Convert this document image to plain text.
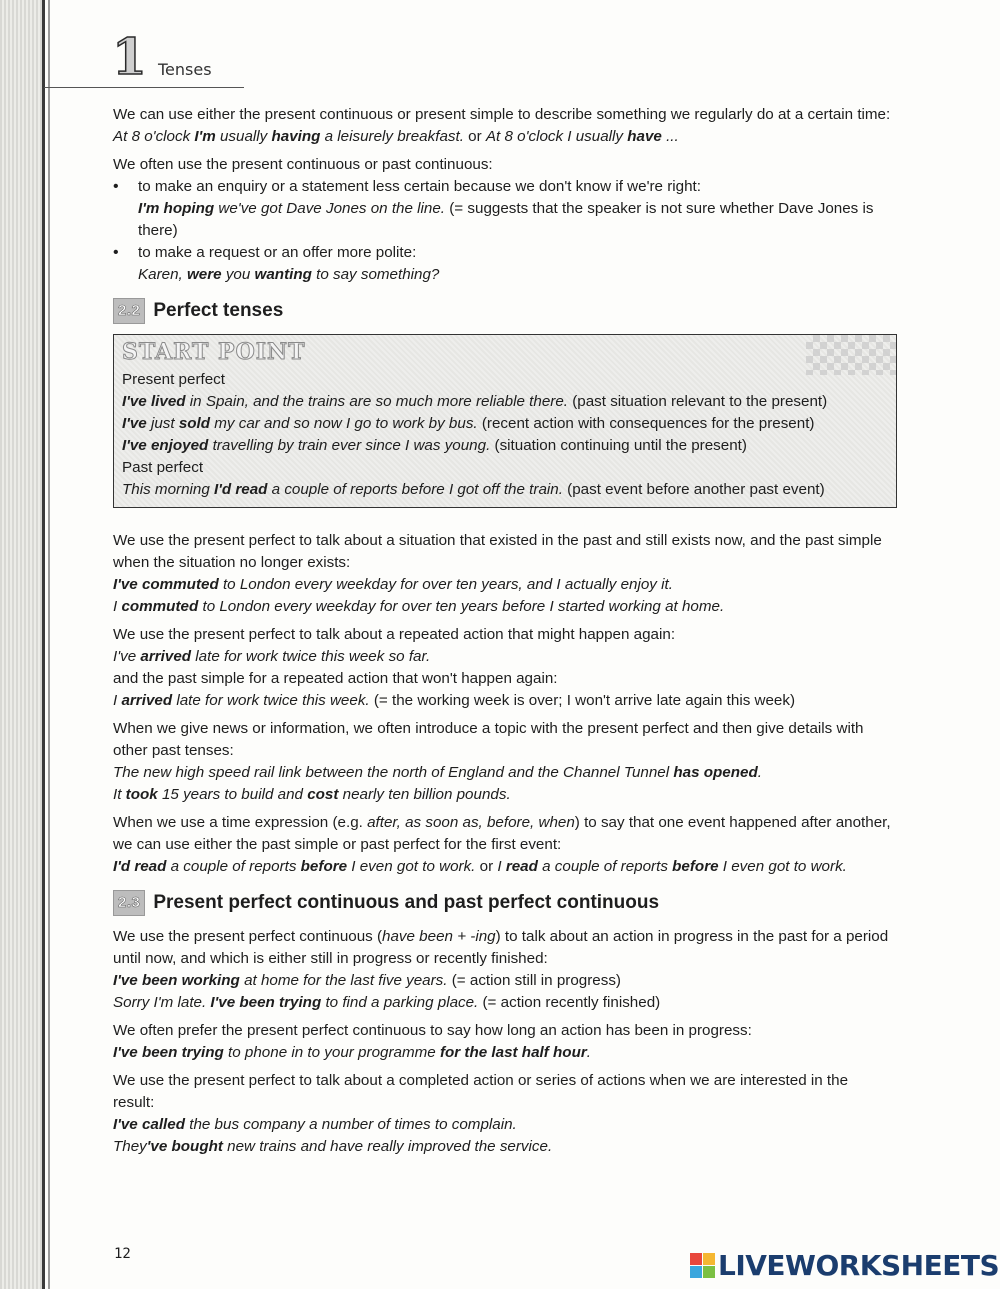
1 Tenses

We can use either the present continuous or present simple to describe something we regularly do at a certain time:
At 8 o'clock I'm usually having a leisurely breakfast. or At 8 o'clock I usually have ...

We often use the present continuous or past continuous:

• to make an enquiry or a statement less certain because we don't know if we're right:
I'm hoping we've got Dave Jones on the line. (= suggests that the speaker is not sure whether Dave Jones is there)
• to make a request or an offer more polite:
Karen, were you wanting to say something?
2.2 Perfect tenses
START POINT
Present perfect
I've lived in Spain, and the trains are so much more reliable there. (past situation relevant to the present)
I've just sold my car and so now I go to work by bus. (recent action with consequences for the present)
I've enjoyed travelling by train ever since I was young. (situation continuing until the present)
Past perfect
This morning I'd read a couple of reports before I got off the train. (past event before another past event)

We use the present perfect to talk about a situation that existed in the past and still exists now, and the past simple when the situation no longer exists:
I've commuted to London every weekday for over ten years, and I actually enjoy it.
I commuted to London every weekday for over ten years before I started working at home.

We use the present perfect to talk about a repeated action that might happen again:
I've arrived late for work twice this week so far.
and the past simple for a repeated action that won't happen again:
I arrived late for work twice this week. (= the working week is over; I won't arrive late again this week)

When we give news or information, we often introduce a topic with the present perfect and then give details with other past tenses:
The new high speed rail link between the north of England and the Channel Tunnel has opened.
It took 15 years to build and cost nearly ten billion pounds.

When we use a time expression (e.g. after, as soon as, before, when) to say that one event happened after another, we can use either the past simple or past perfect for the first event:
I'd read a couple of reports before I even got to work. or I read a couple of reports before I even got to work.

2.3 Present perfect continuous and past perfect continuous

We use the present perfect continuous (have been + -ing) to talk about an action in progress in the past for a period until now, and which is either still in progress or recently finished:
I've been working at home for the last five years. (= action still in progress)
Sorry I'm late. I've been trying to find a parking place. (= action recently finished)

We often prefer the present perfect continuous to say how long an action has been in progress:
I've been trying to phone in to your programme for the last half hour.

We use the present perfect to talk about a completed action or series of actions when we are interested in the result:
I've called the bus company a number of times to complain.
They've bought new trains and have really improved the service.

12	LIVEWORKSHEETS
